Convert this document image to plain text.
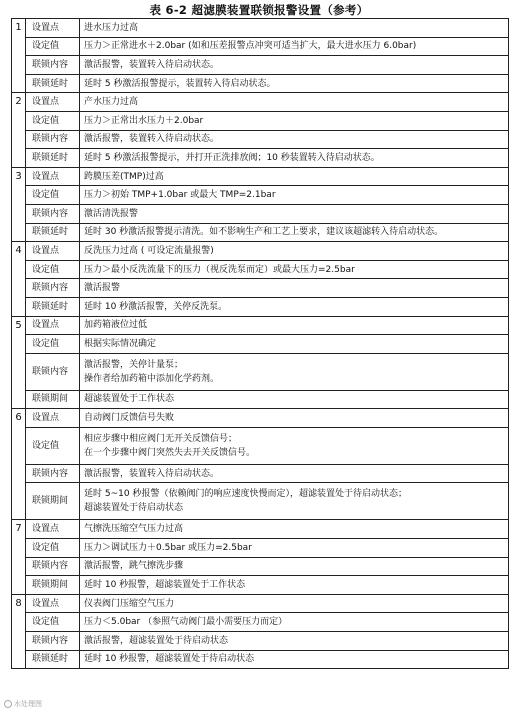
表 6-2 超滤膜装置联锁报警设置（参考）
1	设置点	进水压力过高

	设定值	压力＞正常进水＋2.0bar (如和压差报警点冲突可适当扩大，最大进水压力 6.0bar)

	联锁内容	激活报警，装置转入待启动状态。

	联锁延时	延时 5 秒激活报警提示，装置转入待启动状态。

2	设置点	产水压力过高

	设定值	压力＞正常出水压力＋2.0bar

	联锁内容	激活报警，装置转入待启动状态。

	联锁延时	延时 5 秒激活报警提示，并打开正洗排放阀；10 秒装置转入待启动状态。

3	设置点	跨膜压差(TMP)过高

	设定值	压力＞初始 TMP+1.0bar 或最大 TMP=2.1bar

	联锁内容	激活清洗报警

	联锁延时	延时 30 秒激活报警提示清洗。如不影响生产和工艺上要求，建议该超滤转入待启动状态。

4	设置点	反洗压力过高 ( 可设定流量报警)

	设定值	压力＞最小反洗流量下的压力（视反洗泵而定）或最大压力=2.5bar

	联锁内容	激活报警

	联锁延时	延时 10 秒激活报警，关停反洗泵。

5	设置点	加药箱液位过低

	设定值	根据实际情况确定

	联锁内容	激活报警，关停计量泵；
操作者给加药箱中添加化学药剂。

	联锁期间	超滤装置处于工作状态

6	设置点	自动阀门反馈信号失败

	设定值	相应步骤中相应阀门无开关反馈信号；
在一个步骤中阀门突然失去开关反馈信号。

	联锁内容	激活报警，装置转入待启动状态。

	联锁期间	延时 5~10 秒报警（依赖阀门的响应速度快慢而定），超滤装置处于待启动状态；
超滤装置处于待启动状态

7	设置点	气擦洗压缩空气压力过高

	设定值	压力＞调试压力＋0.5bar 或压力=2.5bar

	联锁内容	激活报警，跳气擦洗步骤

	联锁期间	延时 10 秒报警，超滤装置处于工作状态

8	设置点	仪表阀门压缩空气压力

	设定值	压力＜5.0bar （参照气动阀门最小需要压力而定）

	联锁内容	激活报警，超滤装置处于待启动状态

	联锁延时	延时 10 秒报警，超滤装置处于待启动状态
水处理图
